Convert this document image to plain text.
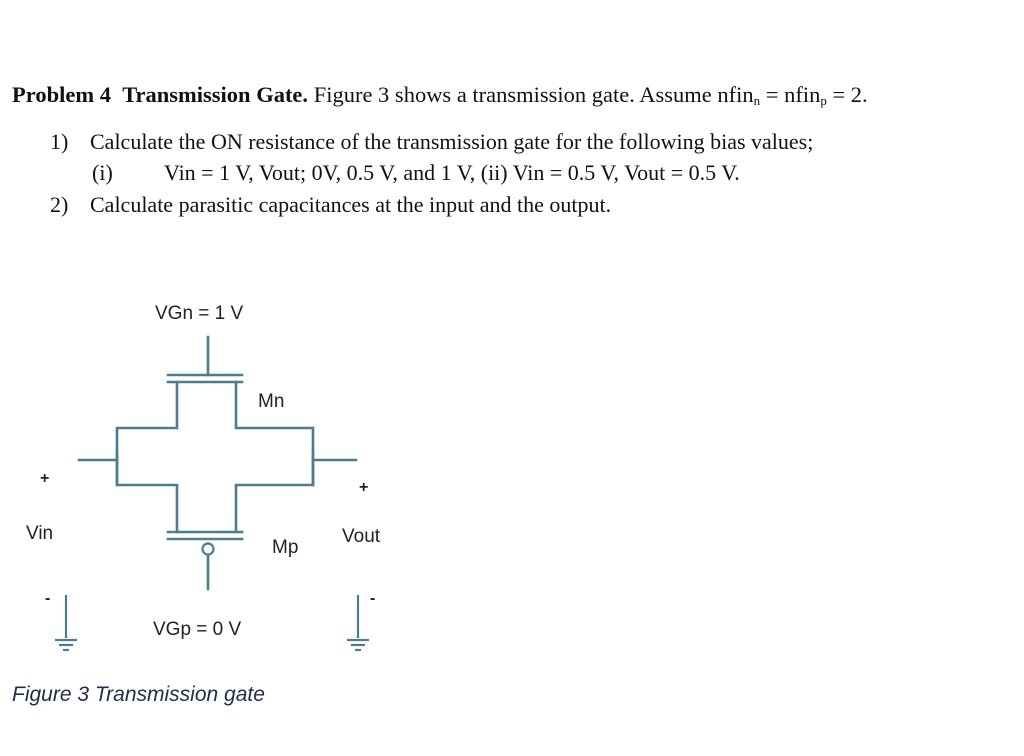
Problem 4 Transmission Gate. Figure 3 shows a transmission gate. Assume nfin$_n$ = nfin$_p$ = 2.
1) Calculate the ON resistance of the transmission gate for the following bias values;
(i) Vin = 1 V, Vout; 0V, 0.5 V, and 1 V, (ii) Vin = 0.5 V, Vout = 0.5 V.
2) Calculate parasitic capacitances at the input and the output.
VGn = 1 V
Mn
Mp
VGp = 0 V
Vin	Vout
+
-
+
-
Figure 3 Transmission gate
